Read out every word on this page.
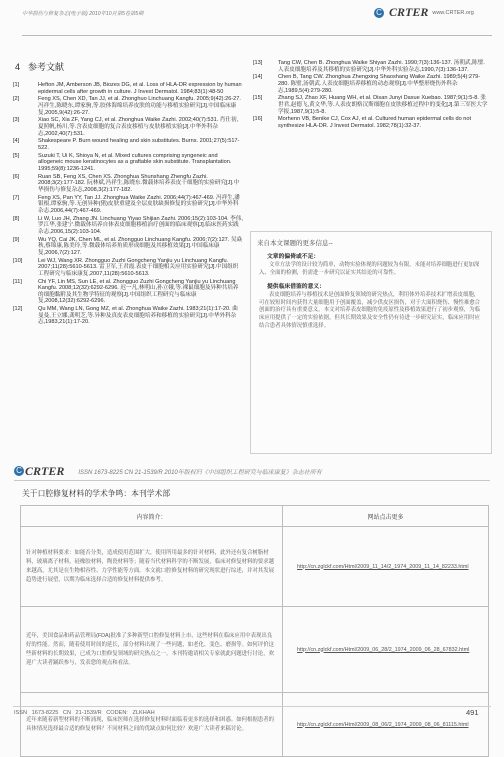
中华损伤与修复杂志(电子版) 2010年10月第5卷第5期	C CRTER www.CRTER.org
4 参考文献
[1]	Hefton JM, Amberson JB, Biozes DG, et al. Loss of HLA-DR expression by human epidermal cells after growth in culture. J Invest Dermatol. 1984;83(1):48-50
[2]	Feng XS, Chen XD, Tan JJ, et al. Zhonghuo Linchuang Kangfu. 2005;9(42):26-27. 冯祥生,陈晓东,谭家驹,等.胶体海绵培养皮肤的功能与移植实验研究[J].中国临床康复,2005,9(42):26-27.
[3]	Xiao SC, Xia ZF, Yang CJ, et al. Zhonghua Waike Zazhi. 2002;40(7):531. 肖仕初,夏照帆,杨川,等.含表皮细胞的复合表皮移植与皮肤移植实验[J].中华外科杂志,2002,40(7):531.
[4]	Shakespeare P. Burn wound healing and skin substitutes. Burns. 2001;27(5):517-522.
[5]	Suzuki T, Ui K, Shioya N, et al. Mixed cultures comprising syngeneic and allogeneic mouse keratinocytes as a graftable skin substitute. Transplantation. 1995;59(8):1236-1241.
[6]	Ruan SB, Feng XS, Chen XS. Zhonghua Shunshang Zhengfu Zazhi. 2008;3(2):177-182. 阮林斌,冯祥生,陈晓东.微载体培养表皮干细胞的实验研究[J].中华损伤与修复杂志,2008,3(2):177-182.
[7]	Feng XS, Pan YY, Tan JJ. Zhonghua Waike Zazhi. 2006;44(7):467-469. 冯祥生,潘银根,谭家驹,等.无创异种(猪)皮肤重建及全层皮肤缺损修复的实验研究[J].中华外科杂志,2006,44(7):467-469.
[8]	Li W, Luo JH, Zhang JN. Linchuang Yiyao Shijian Zazhi. 2006;15(2):103-104. 李伟,罗江华,张建宁.微载体培养自体表皮细胞移植治疗创面的临床观察[J].临床医药实践杂志,2006,15(2):103-104.
[9]	Wu YQ, Cai JK, Chen ML, et al. Zhongguo Linchuang Kangfu. 2006;7(2):127. 吴焱秋,蔡锦康,陈美玲,等.微载体培养角质形成细胞及其移植效果[J].中国临床康复,2006,7(2):127.
[10]	Lei WJ, Wang XR. Zhongguo Zuzhi Gongcheng Yanjiu yu Linchuang Kangfu. 2007;11(28):5610-5613. 雷卫军,王君霞.表皮干细胞相关应用实验研究[J].中国组织工程研究与临床康复,2007,11(28):5610-5613.
[11]	Chi YF, Lin MS, Sun LE, et al. Zhongguo Zuzhi Gongcheng Yanjiu yu Linchuang Kangfu. 2008;12(32):6292-6296. 迟一凡,林明山,孙立娥,等.裸鼠细胞及异种共培养的细胞黏附及其生物学特征的观察[J].中国组织工程研究与临床康复,2008,12(32):6292-6296.
[12]	Qu MM, Wang LN, Gong MZ, et al. Zhonghua Waike Zazhi. 1983;21(1):17-20. 曲曼曼,王立娜,龚明芝,等.异种及真皮表皮细胞培养和移植的实验研究[J].中华外科杂志,1983,21(1):17-20.
[13]	Tang CW, Chen B. Zhonghua Waike Shiyan Zazhi. 1990;7(3):136-137. 汤朝武,陈璧.人表皮细胞培养及其移植的实验研究[J].中华外科实验杂志,1990,7(3):136-137.
[14]	Chen B, Tang CW. Zhonghua Zhengxing Shaoshang Waike Zazhi. 1989;5(4):279-280. 陈璧,汤朝武.人表皮细胞培养移植的动态观察[J].中华整形烧伤外科杂志,1989,5(4):279-280.
[15]	Zhang SJ, Zhao XF, Huang WH, et al. Disan Junyi Daxue Xuebao. 1987;9(1):5-8. 张世君,赵德飞,黄文华,等.人表皮朗格汉斯细胞在皮肤移植过程中的变化[J].第三军医大学学报,1987,9(1):5-8.
[16]	Morhenn VB, Benike CJ, Cox AJ, et al. Cultured human epidermal cells do not synthesize HLA-DR. J Invest Dermatol. 1982;78(1):32-37.
来自本文课题的更多信息--
文章的偏倚或不足：
文章方法学的设计较为简单，动物实验体现的问题较为有限，未能对培养细胞进行更加深入、全面的检测，仍需进一步研究以证实其结论的可靠性。
提供临床借鉴的意义：
表皮细胞培养与移植技术是创面修复领域的研究热点，利用体外培养技术扩增表皮细胞，可在较短时间内获得大量细胞用于创面覆盖，减少供皮区损伤，对于大面积烧伤、慢性难愈合创面的治疗具有重要意义。本文对培养表皮细胞的免疫原性及移植效果进行了初步观察，为临床应用提供了一定的实验依据，但其长期效果及安全性仍有待进一步研究证实，临床应用时应结合患者具体情况慎重选择。
C CRTER ISSN 1673-8225 CN 21-1539/R 2010年版权归《中国组织工程研究与临床康复》杂志社所有
关于口腔修复材料的学术争鸣：本刊学术部
内容简介：	网站点击更多
针对种植材料要求：如能否分类，造成使用范围扩大，使用所用最多的针对材料，此外还有复合树脂材料，玻璃离子材料，硅橡胶材料，陶瓷材料等；随着当代材料科学的不断发展，临床对修复材料的要求越来越高，尤其是在生物相容性、力学性能等方面。本文就口腔修复材料的研究现状进行综述，并对其发展趋势进行展望，以期为临床选择合适的修复材料提供参考。	http://cn.zglckf.com/Html/2009_11_14/2_1974_2009_11_14_82233.html
近年，美国食品和药品管理局(FDA)批准了多种新型口腔修复材料上市，这些材料在临床应用中表现出良好的性能。然而，随着使用时间的延长，部分材料出现了一些问题，如老化、变色、磨损等。如何评价这些新材料的长期效果，已成为口腔修复领域的研究热点之一。本刊特邀请相关专家就此问题进行讨论，欢迎广大读者踊跃参与，发表您的观点和看法。	http://cn.zglckf.com/Html/2009_06_28/2_1974_2009_06_28_67832.html
近年来随着新型材料的不断涌现，临床医师在选择修复材料时面临着更多的选择和困惑。如何根据患者的具体情况选择最合适的修复材料？不同材料之间的优缺点如何比较？欢迎广大读者来稿讨论。	http://cn.zglckf.com/Html/2009_08_06/2_1974_2009_08_06_81115.html
ISSN 1673-8225 CN 21-1539/R CODEN: ZLKHAH	491
